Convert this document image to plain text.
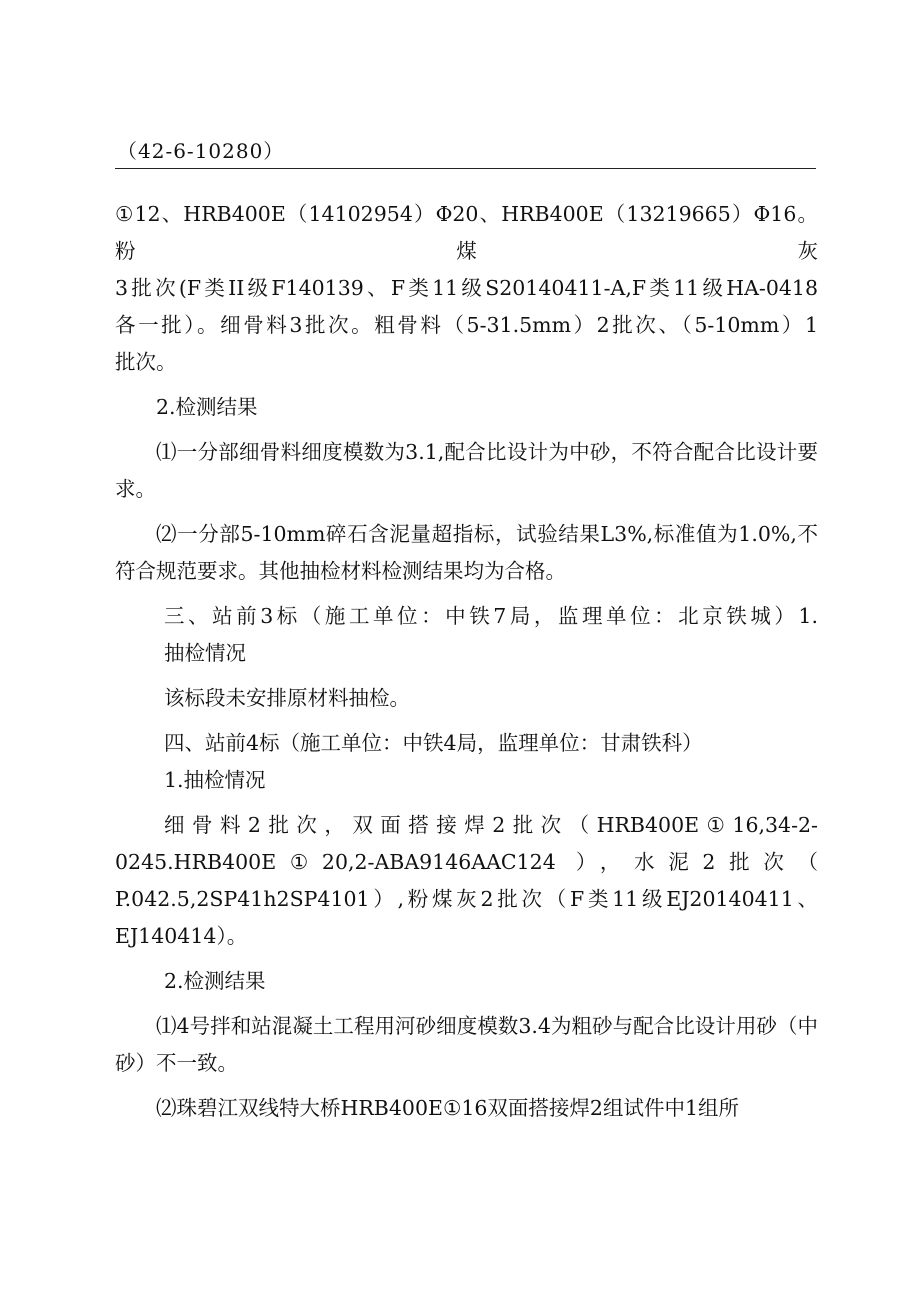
（42-6-10280）
①12、HRB400E（14102954）Φ20、HRB400E（13219665）Φ16。粉煤灰
3批次(F类II级F140139、F类11级S20140411-A,F类11级HA-0418
各一批）。细骨料3批次。粗骨料（5-31.5mm）2批次、（5-10mm）1
批次。

2.检测结果

⑴一分部细骨料细度模数为3.1,配合比设计为中砂，不符合配合比设计要求。

⑵一分部5-10mm碎石含泥量超指标，试验结果L3%,标准值为1.0%,不符合规范要求。其他抽检材料检测结果均为合格。

三、站前3标（施工单位：中铁7局，监理单位：北京铁城）1.
抽检情况

该标段未安排原材料抽检。

四、站前4标（施工单位：中铁4局，监理单位：甘肃铁科）

1.抽检情况

细骨料2批次，双面搭接焊2批次（HRB400E①16,34-2-
0245.HRB400E①20,2-ABA9146AAC124 ），水泥2批次（
P.042.5,2SP41h2SP4101）,粉煤灰2批次（F类11级EJ20140411、
EJ140414）。

2.检测结果

⑴4号拌和站混凝土工程用河砂细度模数3.4为粗砂与配合比设计用砂（中砂）不一致。

⑵珠碧江双线特大桥HRB400E①16双面搭接焊2组试件中1组所
